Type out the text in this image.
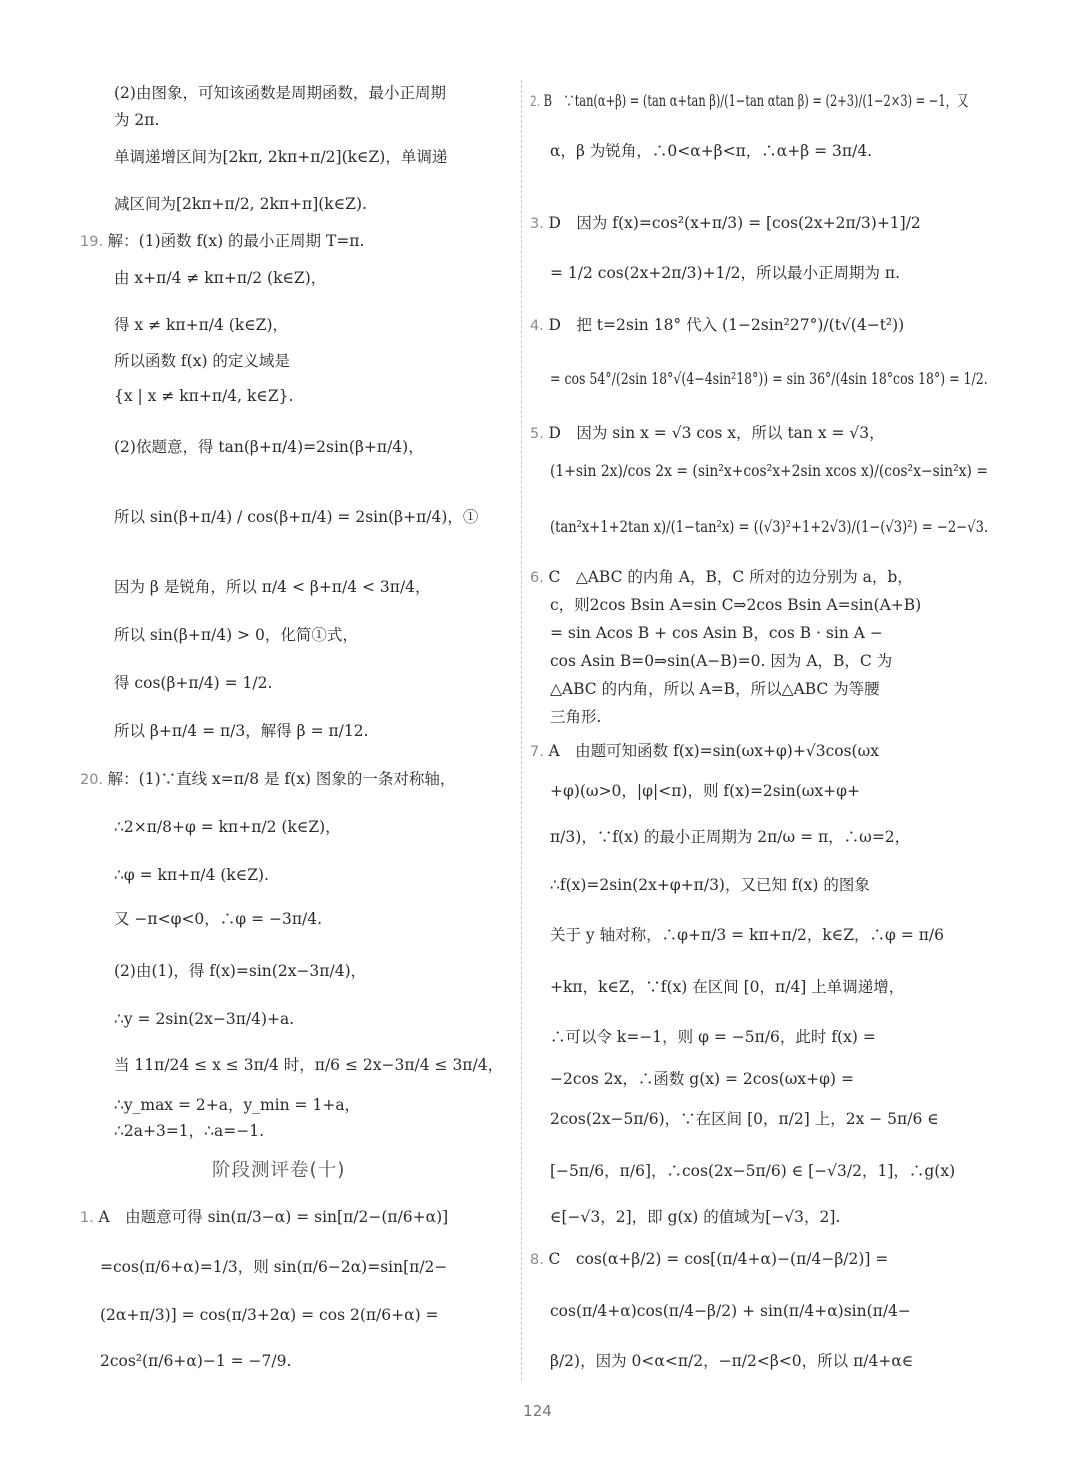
(2)由图象，可知该函数是周期函数，最小正周期
为 2π.
单调递增区间为[2kπ, 2kπ+π/2](k∈Z)，单调递
减区间为[2kπ+π/2, 2kπ+π](k∈Z).
19. 解：(1)函数 f(x) 的最小正周期 T=π.
由 x+π/4 ≠ kπ+π/2 (k∈Z)，
得 x ≠ kπ+π/4 (k∈Z)，
所以函数 f(x) 的定义域是
{x | x ≠ kπ+π/4, k∈Z}.
(2)依题意，得 tan(β+π/4)=2sin(β+π/4)，
所以 sin(β+π/4) / cos(β+π/4) = 2sin(β+π/4)，①
因为 β 是锐角，所以 π/4 < β+π/4 < 3π/4，
所以 sin(β+π/4) > 0，化简①式，
得 cos(β+π/4) = 1/2.
所以 β+π/4 = π/3，解得 β = π/12.
20. 解：(1)∵直线 x=π/8 是 f(x) 图象的一条对称轴，
∴2×π/8+φ = kπ+π/2 (k∈Z)，
∴φ = kπ+π/4 (k∈Z).
又 −π<φ<0，∴φ = −3π/4.
(2)由(1)，得 f(x)=sin(2x−3π/4)，
∴y = 2sin(2x−3π/4)+a.
当 11π/24 ≤ x ≤ 3π/4 时，π/6 ≤ 2x−3π/4 ≤ 3π/4，
∴y_max = 2+a，y_min = 1+a，
∴2a+3=1，∴a=−1.
1. A　由题意可得 sin(π/3−α) = sin[π/2−(π/6+α)]
=cos(π/6+α)=1/3，则 sin(π/6−2α)=sin[π/2−
(2α+π/3)] = cos(π/3+2α) = cos 2(π/6+α) =
2cos²(π/6+α)−1 = −7/9.
2. B　∵tan(α+β) = (tan α+tan β)/(1−tan αtan β) = (2+3)/(1−2×3) = −1，又
α，β 为锐角，∴0<α+β<π，∴α+β = 3π/4.
3. D　因为 f(x)=cos²(x+π/3) = [cos(2x+2π/3)+1]/2
= 1/2 cos(2x+2π/3)+1/2，所以最小正周期为 π.
4. D　把 t=2sin 18° 代入 (1−2sin²27°)/(t√(4−t²))
= cos 54°/(2sin 18°√(4−4sin²18°)) = sin 36°/(4sin 18°cos 18°) = 1/2.
5. D　因为 sin x = √3 cos x，所以 tan x = √3，
(1+sin 2x)/cos 2x = (sin²x+cos²x+2sin xcos x)/(cos²x−sin²x) =
(tan²x+1+2tan x)/(1−tan²x) = ((√3)²+1+2√3)/(1−(√3)²) = −2−√3.
6. C　△ABC 的内角 A，B，C 所对的边分别为 a，b，
c，则2cos Bsin A=sin C⇒2cos Bsin A=sin(A+B)
= sin Acos B + cos Asin B，cos B · sin A −
cos Asin B=0⇒sin(A−B)=0. 因为 A，B，C 为
△ABC 的内角，所以 A=B，所以△ABC 为等腰
三角形.
7. A　由题可知函数 f(x)=sin(ωx+φ)+√3cos(ωx
+φ)(ω>0，|φ|<π)，则 f(x)=2sin(ωx+φ+
π/3)，∵f(x) 的最小正周期为 2π/ω = π，∴ω=2，
∴f(x)=2sin(2x+φ+π/3)，又已知 f(x) 的图象
关于 y 轴对称，∴φ+π/3 = kπ+π/2，k∈Z，∴φ = π/6
+kπ，k∈Z，∵f(x) 在区间 [0，π/4] 上单调递增，
∴可以令 k=−1，则 φ = −5π/6，此时 f(x) =
−2cos 2x，∴函数 g(x) = 2cos(ωx+φ) =
2cos(2x−5π/6)，∵在区间 [0，π/2] 上，2x − 5π/6 ∈
[−5π/6，π/6]，∴cos(2x−5π/6) ∈ [−√3/2，1]，∴g(x)
∈[−√3，2]，即 g(x) 的值域为[−√3，2].
8. C　cos(α+β/2) = cos[(π/4+α)−(π/4−β/2)] =
cos(π/4+α)cos(π/4−β/2) + sin(π/4+α)sin(π/4−
β/2)，因为 0<α<π/2，−π/2<β<0，所以 π/4+α∈
阶段测评卷(十)
124
